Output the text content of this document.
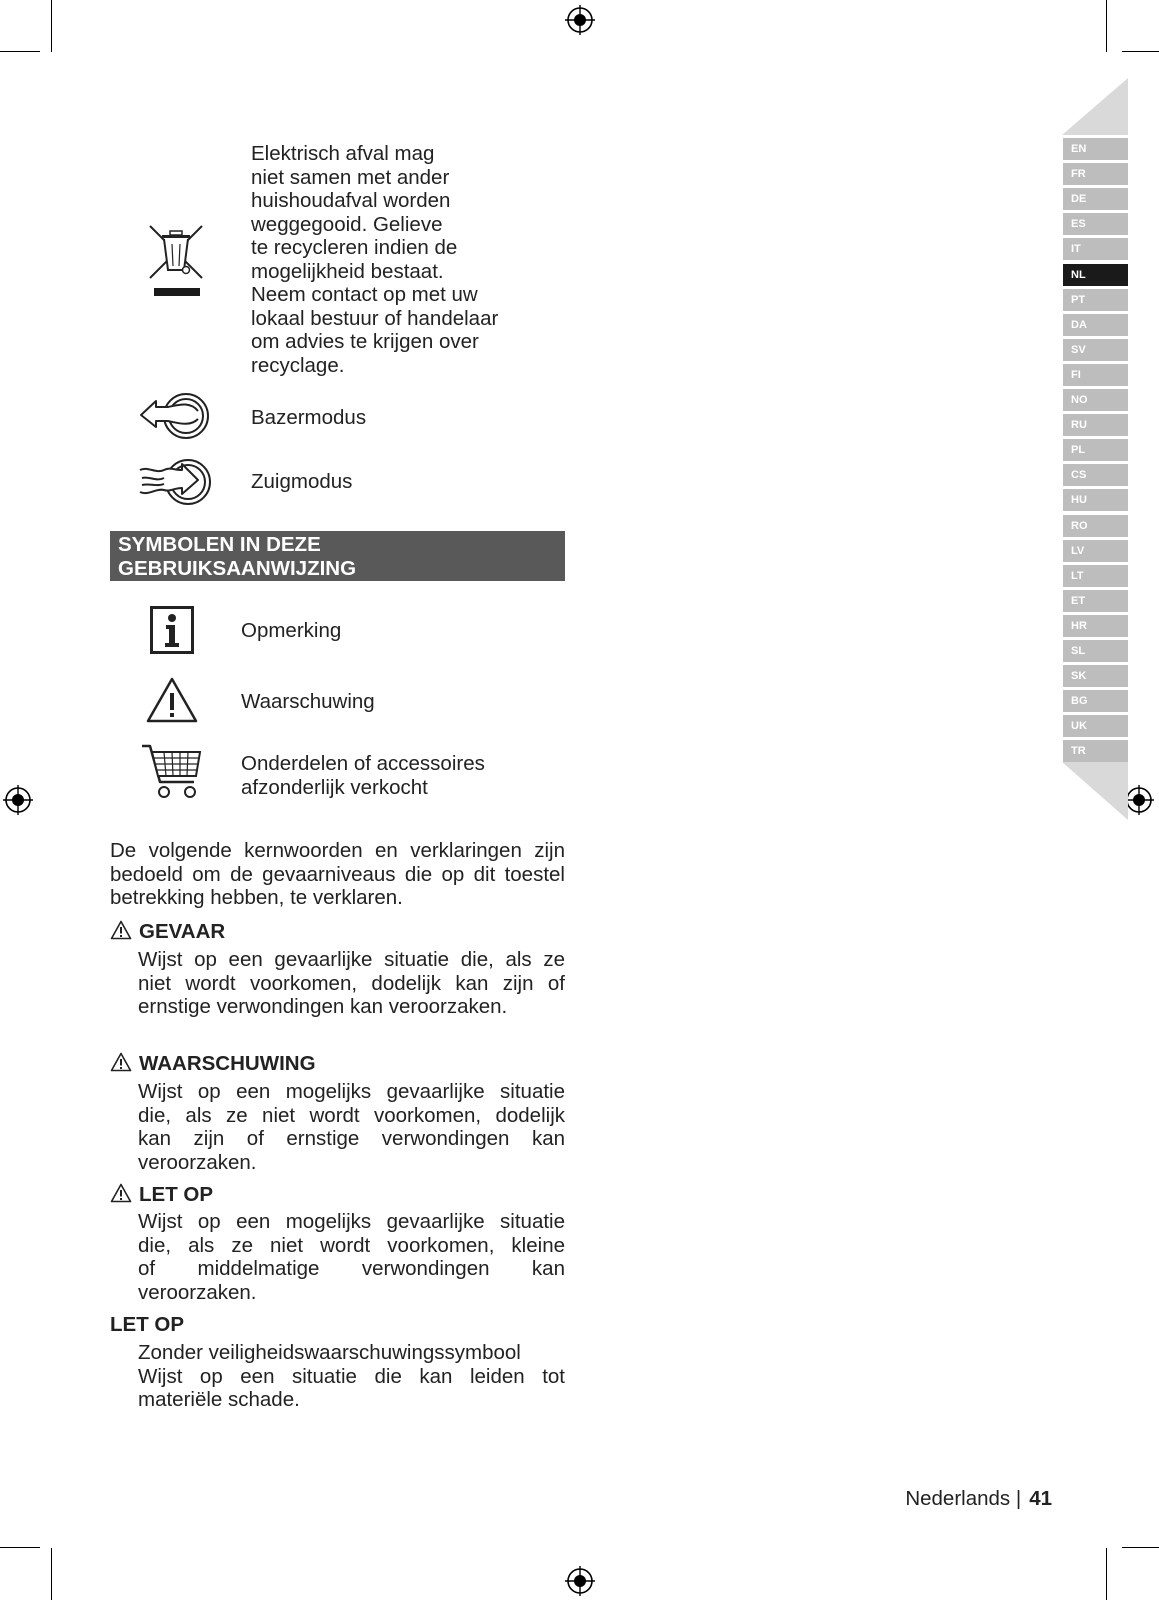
EN
FR
DE
ES
IT
NL
PT
DA
SV
FI
NO
RU
PL
CS
HU
RO
LV
LT
ET
HR
SL
SK
BG
UK
TR
Elektrisch afval mag
niet samen met ander
huishoudafval worden
weggegooid. Gelieve
te recycleren indien de
mogelijkheid bestaat.
Neem contact op met uw
lokaal bestuur of handelaar
om advies te krijgen over
recyclage.
Bazermodus
Zuigmodus
SYMBOLEN IN DEZE
GEBRUIKSAANWIJZING
Opmerking
Waarschuwing
Onderdelen of accessoires
afzonderlijk verkocht
De volgende kernwoorden en verklaringen zijn bedoeld om de gevaarniveaus die op dit toestel betrekking hebben, te verklaren.
GEVAAR
Wijst op een gevaarlijke situatie die, als ze
niet wordt voorkomen, dodelijk kan zijn of
ernstige verwondingen kan veroorzaken.
WAARSCHUWING
Wijst op een mogelijks gevaarlijke situatie
die, als ze niet wordt voorkomen, dodelijk
kan zijn of ernstige verwondingen kan
veroorzaken.
LET OP
Wijst op een mogelijks gevaarlijke situatie
die, als ze niet wordt voorkomen, kleine
of middelmatige verwondingen kan
veroorzaken.
LET OP
Zonder veiligheidswaarschuwingssymbool
Wijst op een situatie die kan leiden tot
materiële schade.
Nederlands | 41
